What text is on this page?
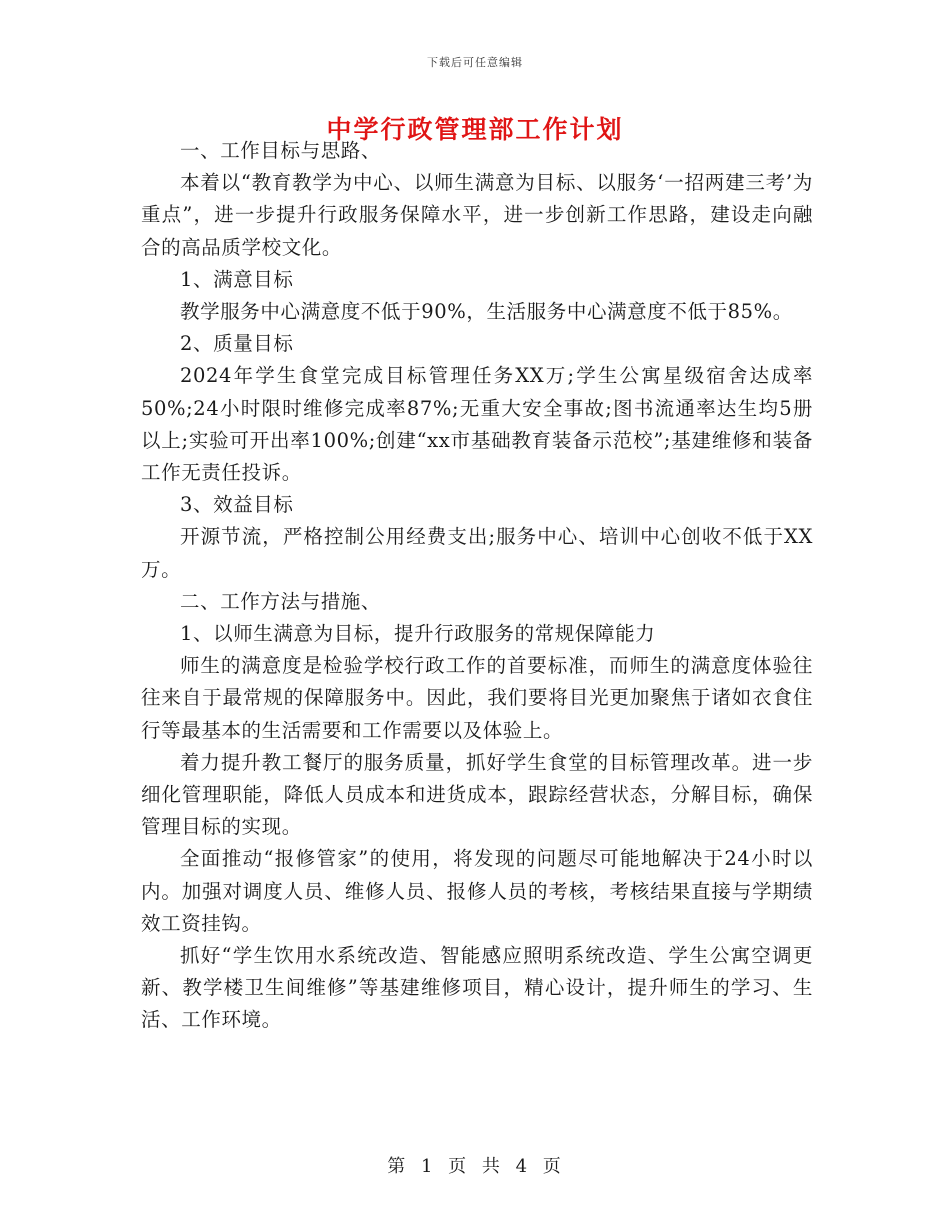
下载后可任意编辑
中学行政管理部工作计划

一、工作目标与思路、

本着以“教育教学为中心、以师生满意为目标、以服务‘一招两建三考’为重点”，进一步提升行政服务保障水平，进一步创新工作思路，建设走向融合的高品质学校文化。

1、满意目标

教学服务中心满意度不低于90%，生活服务中心满意度不低于85%。

2、质量目标

2024年学生食堂完成目标管理任务XX万;学生公寓星级宿舍达成率50%;24小时限时维修完成率87%;无重大安全事故;图书流通率达生均5册以上;实验可开出率100%;创建“xx市基础教育装备示范校”;基建维修和装备工作无责任投诉。

3、效益目标

开源节流，严格控制公用经费支出;服务中心、培训中心创收不低于XX万。

二、工作方法与措施、

1、以师生满意为目标，提升行政服务的常规保障能力

师生的满意度是检验学校行政工作的首要标准，而师生的满意度体验往往来自于最常规的保障服务中。因此，我们要将目光更加聚焦于诸如衣食住行等最基本的生活需要和工作需要以及体验上。

着力提升教工餐厅的服务质量，抓好学生食堂的目标管理改革。进一步细化管理职能，降低人员成本和进货成本，跟踪经营状态，分解目标，确保管理目标的实现。

全面推动“报修管家”的使用，将发现的问题尽可能地解决于24小时以内。加强对调度人员、维修人员、报修人员的考核，考核结果直接与学期绩效工资挂钩。

抓好“学生饮用水系统改造、智能感应照明系统改造、学生公寓空调更新、教学楼卫生间维修”等基建维修项目，精心设计，提升师生的学习、生活、工作环境。

第 1 页 共 4 页
